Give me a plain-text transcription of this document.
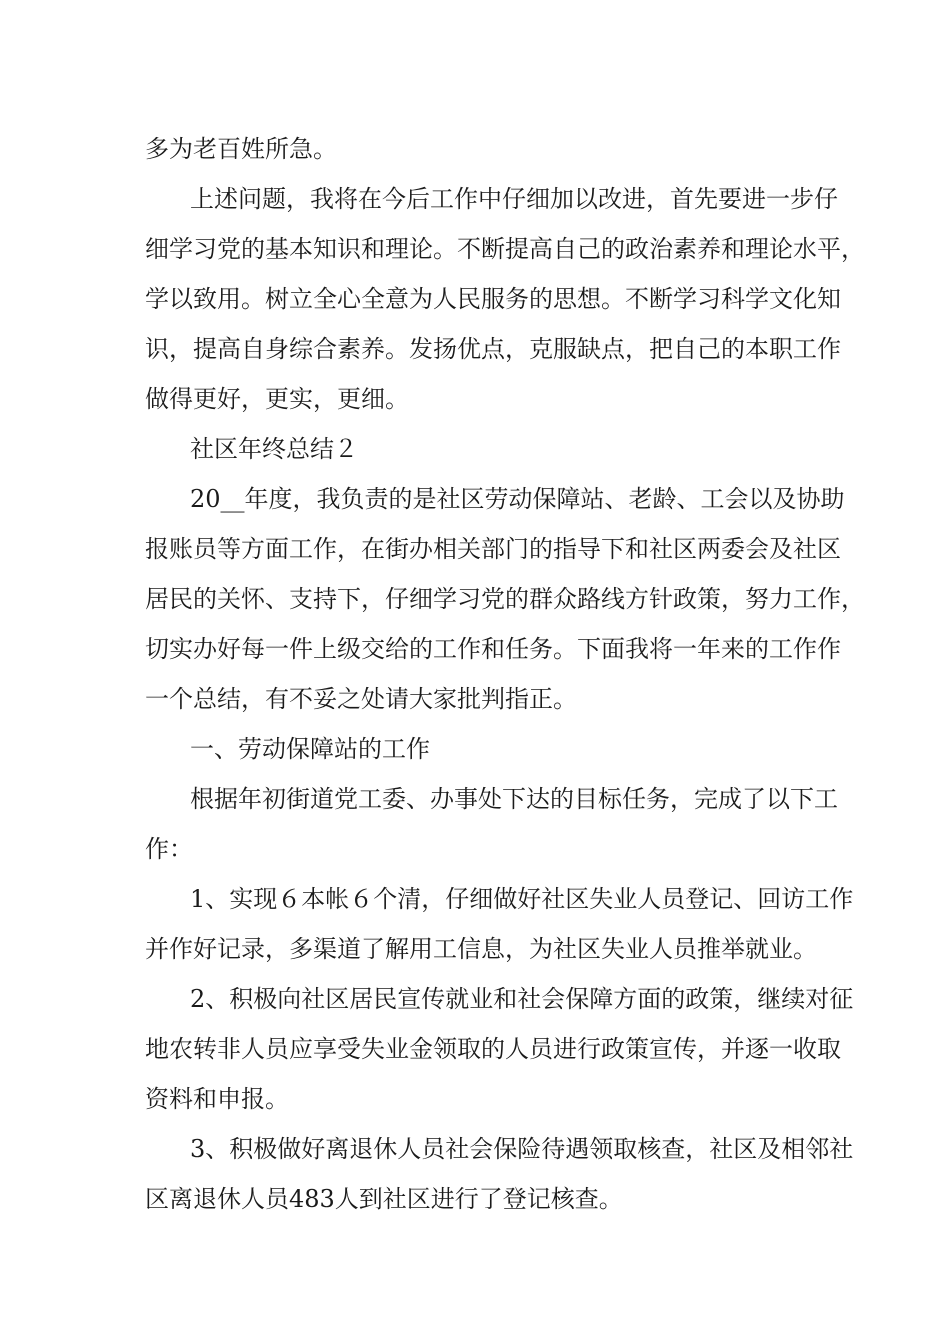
多为老百姓所急。
上述问题，我将在今后工作中仔细加以改进，首先要进一步仔
细学习党的基本知识和理论。不断提高自己的政治素养和理论水平，
学以致用。树立全心全意为人民服务的思想。不断学习科学文化知
识，提高自身综合素养。发扬优点，克服缺点，把自己的本职工作
做得更好，更实，更细。
社区年终总结２
20__年度，我负责的是社区劳动保障站、老龄、工会以及协助
报账员等方面工作，在街办相关部门的指导下和社区两委会及社区
居民的关怀、支持下，仔细学习党的群众路线方针政策，努力工作，
切实办好每一件上级交给的工作和任务。下面我将一年来的工作作
一个总结，有不妥之处请大家批判指正。
一、劳动保障站的工作
根据年初街道党工委、办事处下达的目标任务，完成了以下工
作：
1、实现６本帐６个清，仔细做好社区失业人员登记、回访工作
并作好记录，多渠道了解用工信息，为社区失业人员推举就业。
2、积极向社区居民宣传就业和社会保障方面的政策，继续对征
地农转非人员应享受失业金领取的人员进行政策宣传，并逐一收取
资料和申报。
3、积极做好离退休人员社会保险待遇领取核查，社区及相邻社
区离退休人员483人到社区进行了登记核查。
